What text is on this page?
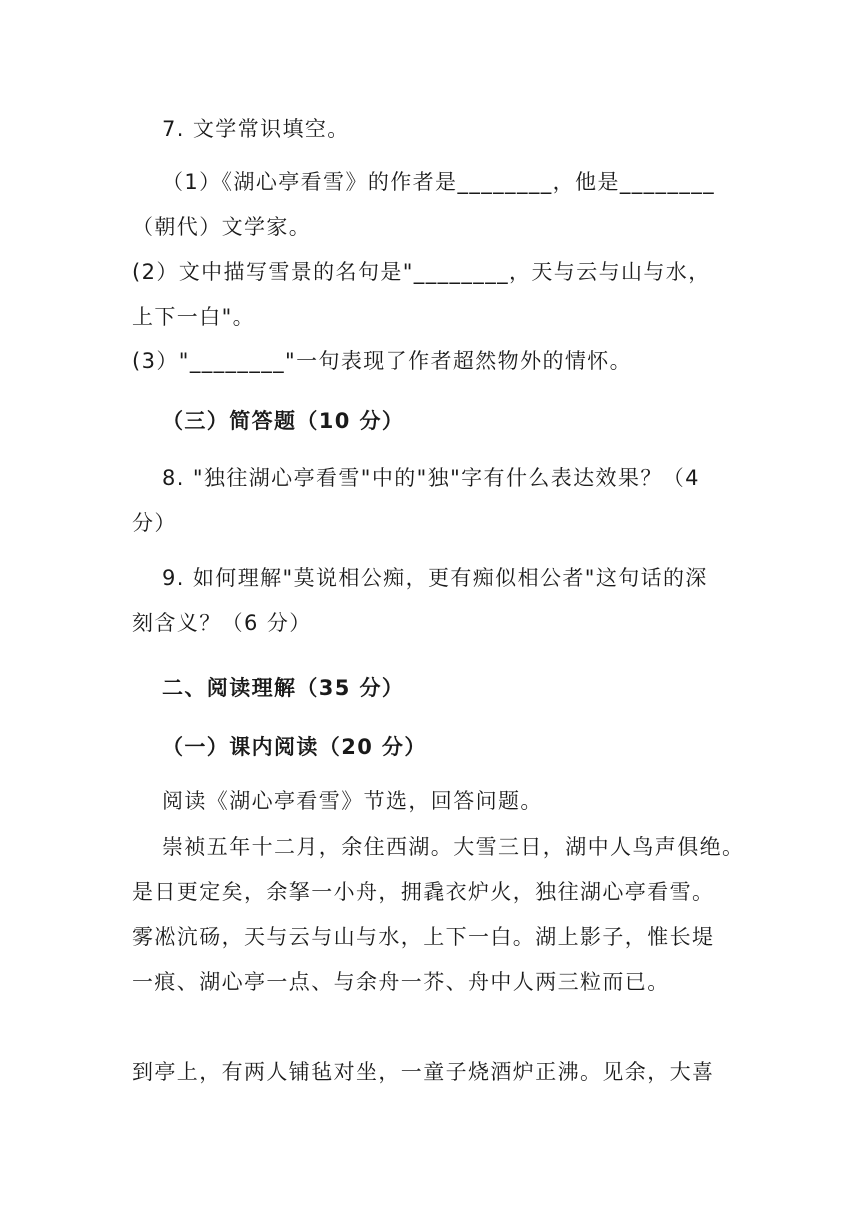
7. 文学常识填空。
（1）《湖心亭看雪》的作者是________，他是________
（朝代）文学家。
(2）文中描写雪景的名句是"________，天与云与山与水，
上下一白"。
(3）"________"一句表现了作者超然物外的情怀。
（三）简答题（10 分）
8. "独往湖心亭看雪"中的"独"字有什么表达效果？（4
分）
9. 如何理解"莫说相公痴，更有痴似相公者"这句话的深
刻含义？（6 分）
二、阅读理解（35 分）
（一）课内阅读（20 分）
阅读《湖心亭看雪》节选，回答问题。
崇祯五年十二月，余住西湖。大雪三日，湖中人鸟声俱绝。
是日更定矣，余拏一小舟，拥毳衣炉火，独往湖心亭看雪。
雾凇沆砀，天与云与山与水，上下一白。湖上影子，惟长堤
一痕、湖心亭一点、与余舟一芥、舟中人两三粒而已。
到亭上，有两人铺毡对坐，一童子烧酒炉正沸。见余，大喜
